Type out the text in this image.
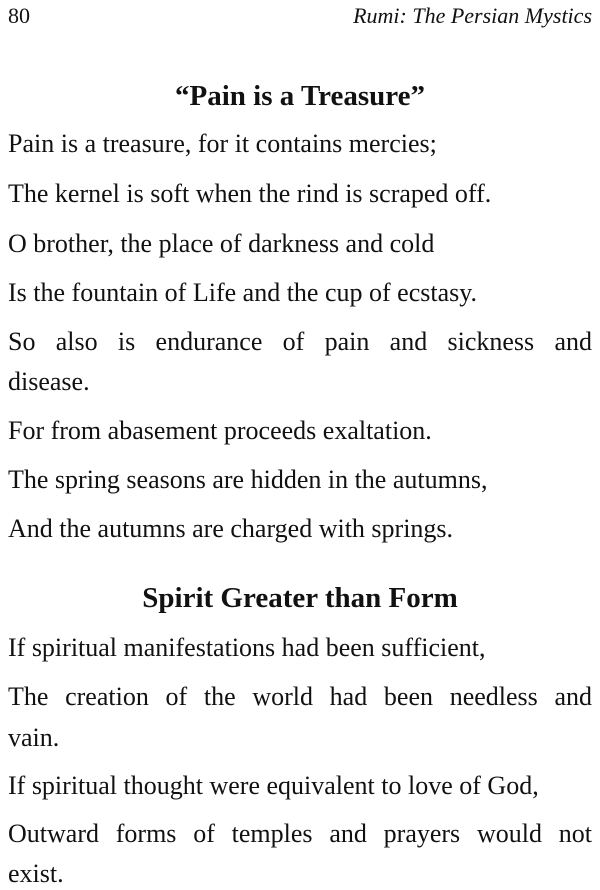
80	Rumi: The Persian Mystics
“Pain is a Treasure”
Pain is a treasure, for it contains mercies;
The kernel is soft when the rind is scraped off.
O brother, the place of darkness and cold
Is the fountain of Life and the cup of ecstasy.
So also is endurance of pain and sickness and
disease.
For from abasement proceeds exaltation.
The spring seasons are hidden in the autumns,
And the autumns are charged with springs.
Spirit Greater than Form
If spiritual manifestations had been sufficient,
The creation of the world had been needless and
vain.
If spiritual thought were equivalent to love of God,
Outward forms of temples and prayers would not
exist.
